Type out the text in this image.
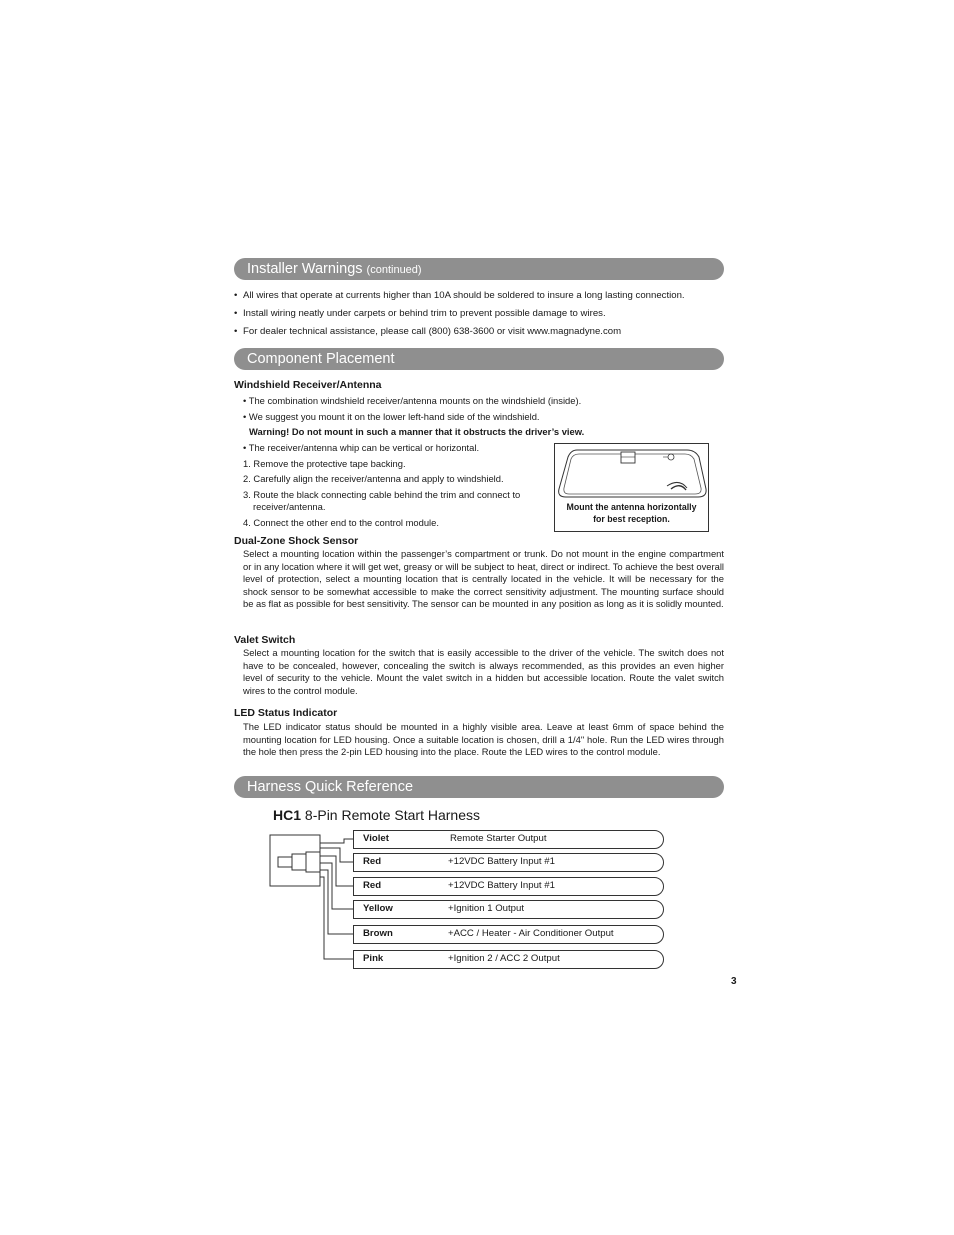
Installer Warnings (continued)
• All wires that operate at currents higher than 10A should be soldered to insure a long lasting connection.
• Install wiring neatly under carpets or behind trim to prevent possible damage to wires.
• For dealer technical assistance, please call (800) 638-3600 or visit www.magnadyne.com
Component Placement
Windshield Receiver/Antenna
• The combination windshield receiver/antenna mounts on the windshield (inside).
• We suggest you mount it on the lower left-hand side of the windshield.
Warning! Do not mount in such a manner that it obstructs the driver’s view.
• The receiver/antenna whip can be vertical or horizontal.
1. Remove the protective tape backing.
2. Carefully align the receiver/antenna and apply to windshield.
3. Route the black connecting cable behind the trim and connect to
receiver/antenna.
4. Connect the other end to the control module.
Mount the antenna horizontally
for best reception.
Dual-Zone Shock Sensor

Select a mounting location within the passenger’s compartment or trunk. Do not mount in the engine compartment or in any location where it will get wet, greasy or will be subject to heat, direct or indirect. To achieve the best overall level of protection, select a mounting location that is centrally located in the vehicle. It will be necessary for the shock sensor to be somewhat accessible to make the correct sensitivity adjustment. The mounting surface should be as flat as possible for best sensitivity. The sensor can be mounted in any position as long as it is solidly mounted.

Valet Switch

Select a mounting location for the switch that is easily accessible to the driver of the vehicle. The switch does not have to be concealed, however, concealing the switch is always recommended, as this provides an even higher level of security to the vehicle. Mount the valet switch in a hidden but accessible location. Route the valet switch wires to the control module.

LED Status Indicator

The LED indicator status should be mounted in a highly visible area. Leave at least 6mm of space behind the mounting location for LED housing. Once a suitable location is chosen, drill a 1/4" hole. Run the LED wires through the hole then press the 2-pin LED housing into the place. Route the LED wires to the control module.

Harness Quick Reference
HC1 8-Pin Remote Start Harness
Violet	Remote Starter Output
Red	+12VDC Battery Input #1
Red	+12VDC Battery Input #1
Yellow	+Ignition 1 Output
Brown	+ACC / Heater - Air Conditioner Output
Pink	+Ignition 2 / ACC 2 Output
3
